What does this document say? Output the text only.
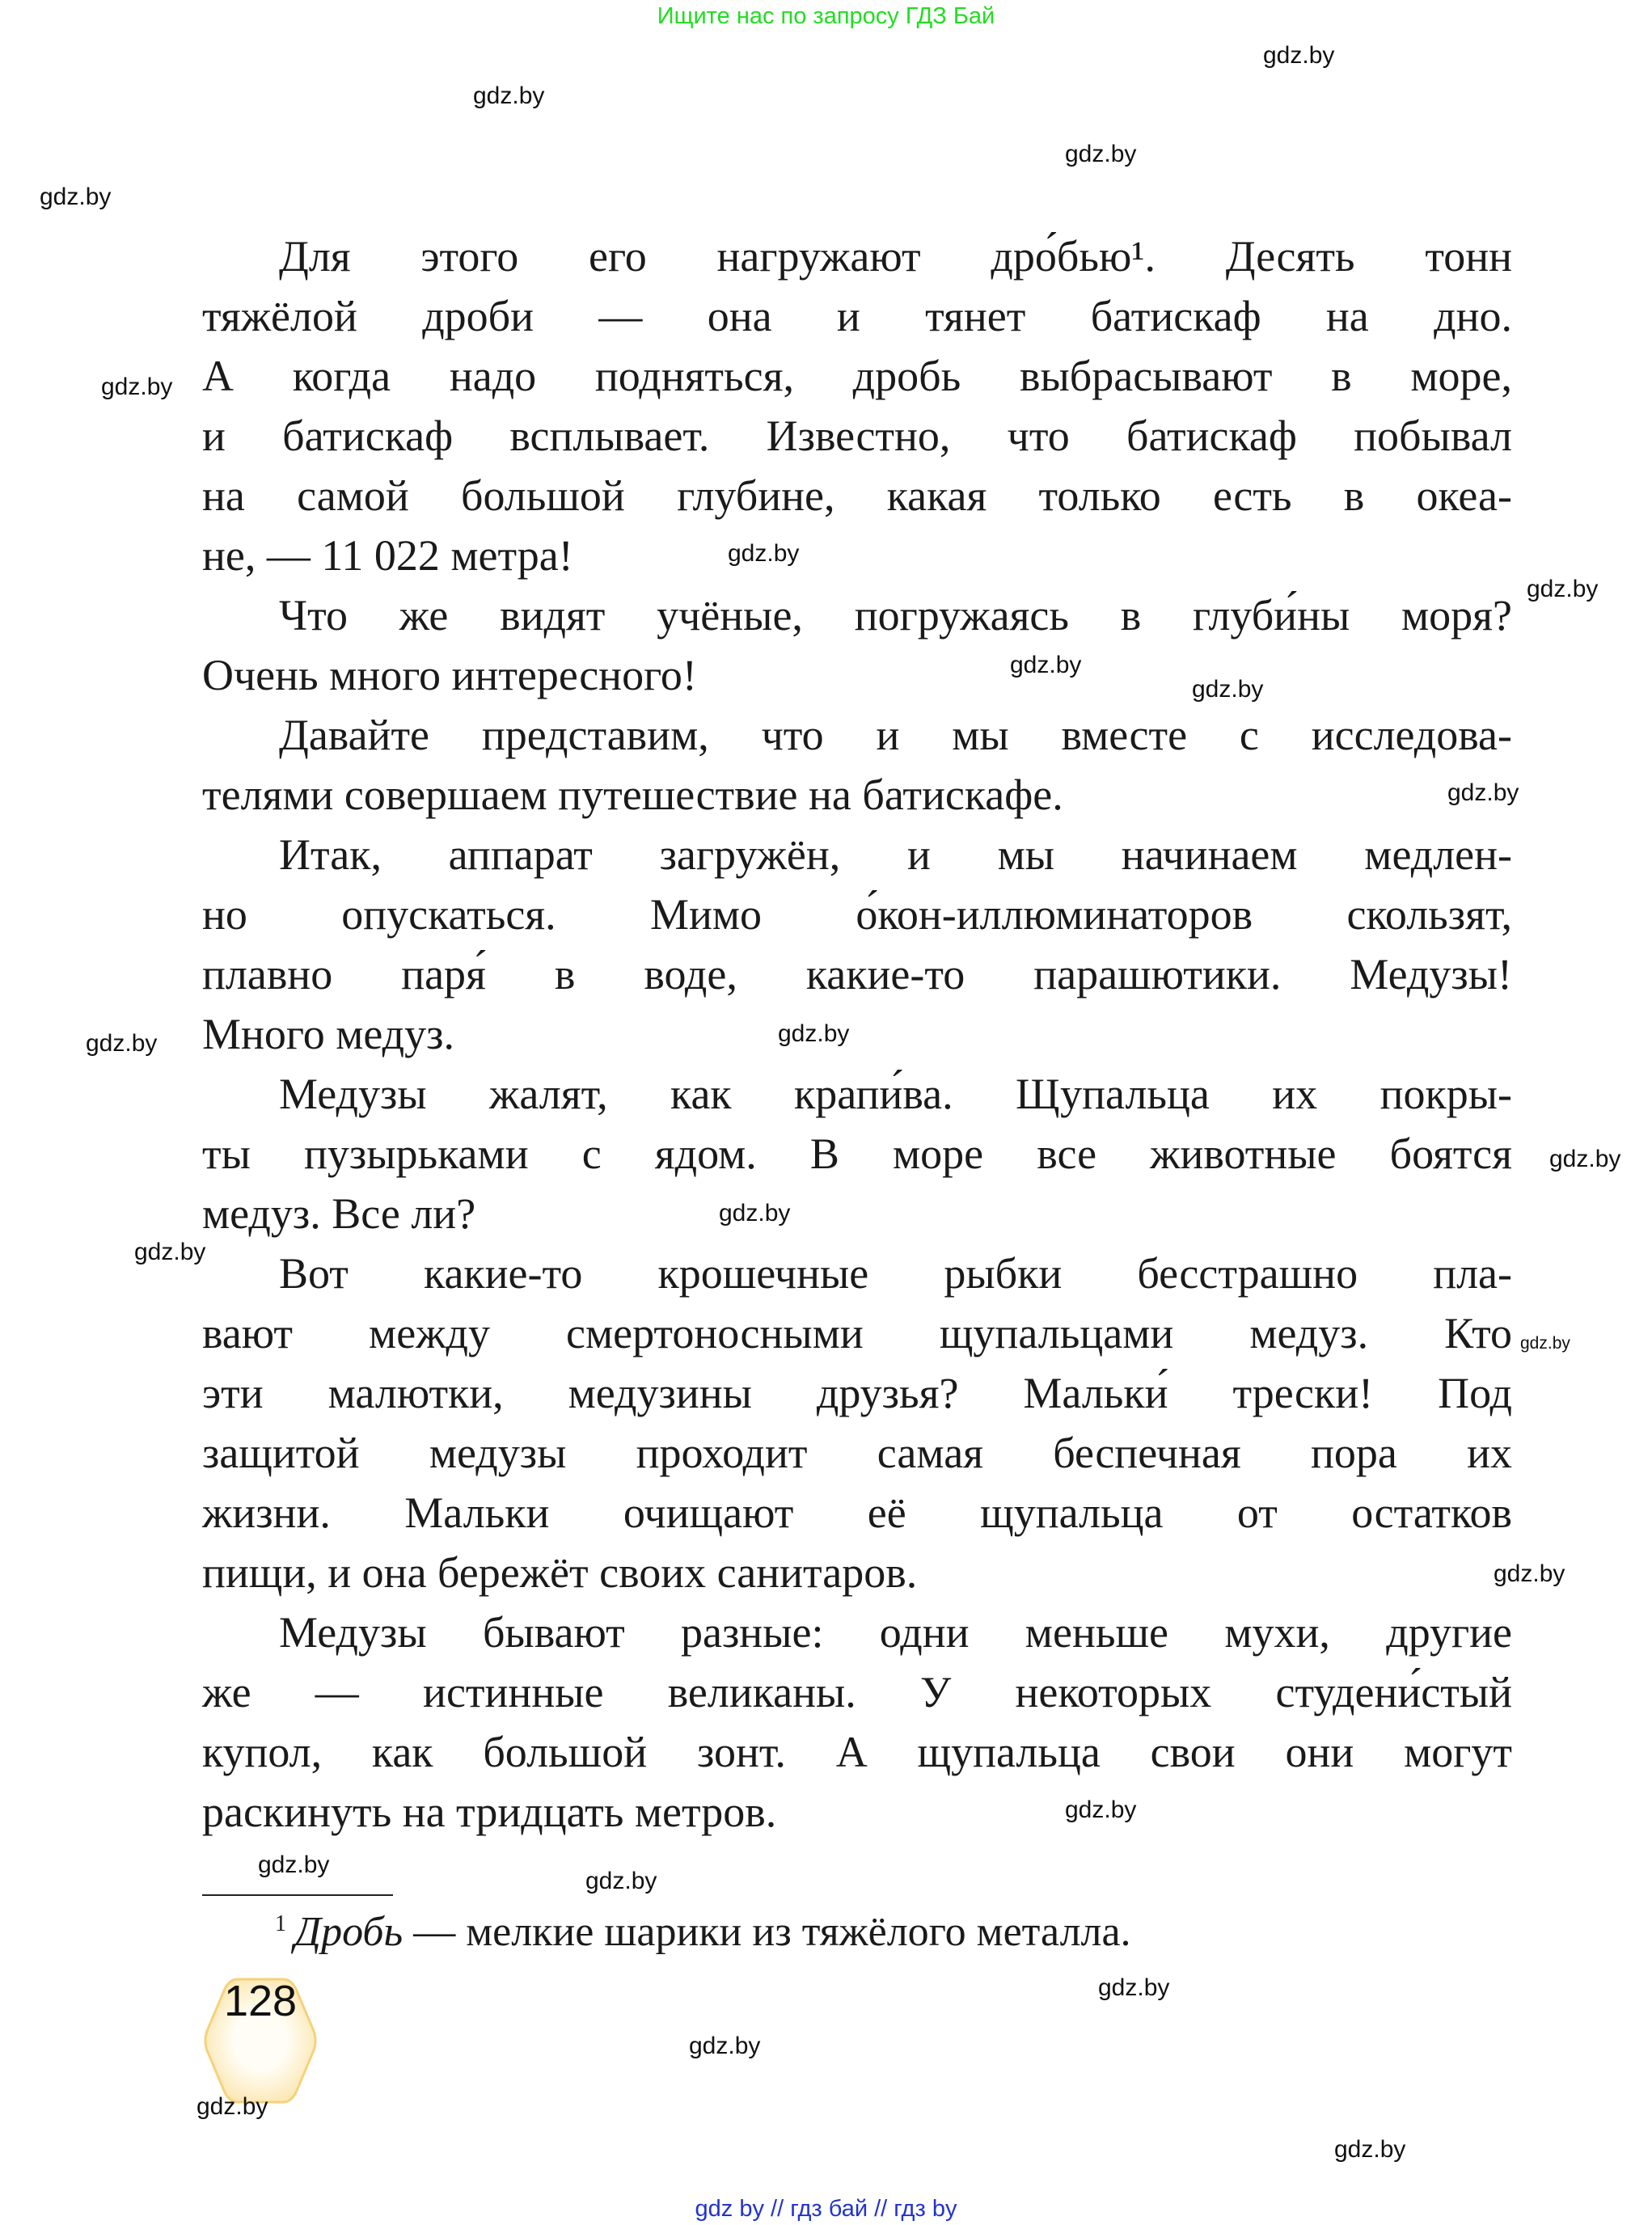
Ищите нас по запросу ГДЗ Бай
Для этого его нагружают дро́бью¹. Десять тонн
тяжёлой дроби — она и тянет батискаф на дно.
А когда надо подняться, дробь выбрасывают в море,
и батискаф всплывает. Известно, что батискаф побывал
на самой большой глубине, какая только есть в океа-
не, — 11 022 метра!
Что же видят учёные, погружаясь в глуби́ны моря?
Очень много интересного!
Давайте представим, что и мы вместе с исследова-
телями совершаем путешествие на батискафе.
Итак, аппарат загружён, и мы начинаем медлен-
но опускаться. Мимо о́кон-иллюминаторов скользят,
плавно паря́ в воде, какие-то парашютики. Медузы!
Много медуз.
Медузы жалят, как крапи́ва. Щупальца их покры-
ты пузырьками с ядом. В море все животные боятся
медуз. Все ли?
Вот какие-то крошечные рыбки бесстрашно пла-
вают между смертоносными щупальцами медуз. Кто
эти малютки, медузины друзья? Мальки́ трески! Под
защитой медузы проходит самая беспечная пора их
жизни. Мальки очищают её щупальца от остатков
пищи, и она бережёт своих санитаров.
Медузы бывают разные: одни меньше мухи, другие
же — истинные великаны. У некоторых студени́стый
купол, как большой зонт. А щупальца свои они могут
раскинуть на тридцать метров.
$^1$ Дробь — мелкие шарики из тяжёлого металла.
128
gdz by // гдз бай // гдз by
gdz.by
gdz.by
gdz.by
gdz.by
gdz.by
gdz.by
gdz.by
gdz.by
gdz.by
gdz.by
gdz.by
gdz.by
gdz.by
gdz.by
gdz.by
gdz.by
gdz.by
gdz.by
gdz.by
gdz.by
gdz.by
gdz.by
gdz.by
gdz.by
